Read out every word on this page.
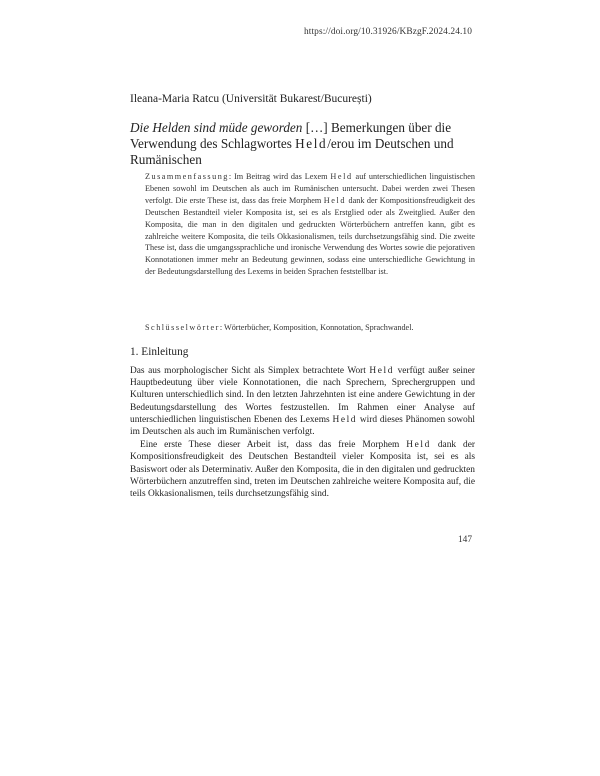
https://doi.org/10.31926/KBzgF.2024.24.10
Ileana-Maria Ratcu (Universität Bukarest/București)
Die Helden sind müde geworden […] Bemerkungen über die Verwendung des Schlagwortes Held/erou im Deutschen und Rumänischen
Zusammenfassung: Im Beitrag wird das Lexem Held auf unterschiedlichen linguistischen Ebenen sowohl im Deutschen als auch im Rumänischen untersucht. Dabei werden zwei Thesen verfolgt. Die erste These ist, dass das freie Morphem Held dank der Kompositionsfreudigkeit des Deutschen Bestandteil vieler Komposita ist, sei es als Erstglied oder als Zweitglied. Außer den Komposita, die man in den digitalen und gedruckten Wörterbüchern antreffen kann, gibt es zahlreiche weitere Komposita, die teils Okkasionalismen, teils durchsetzungsfähig sind. Die zweite These ist, dass die umgangssprachliche und ironische Verwendung des Wortes sowie die pejorativen Konnotationen immer mehr an Bedeutung gewinnen, sodass eine unterschiedliche Gewichtung in der Bedeutungsdarstellung des Lexems in beiden Sprachen feststellbar ist.
Schlüsselwörter: Wörterbücher, Komposition, Konnotation, Sprachwandel.
1. Einleitung

Das aus morphologischer Sicht als Simplex betrachtete Wort Held verfügt außer seiner Hauptbedeutung über viele Konnotationen, die nach Sprechern, Sprechergruppen und Kulturen unterschiedlich sind. In den letzten Jahrzehnten ist eine andere Gewichtung in der Bedeutungsdarstellung des Wortes festzustellen. Im Rahmen einer Analyse auf unterschiedlichen linguistischen Ebenen des Lexems Held wird dieses Phänomen sowohl im Deutschen als auch im Rumänischen verfolgt.

Eine erste These dieser Arbeit ist, dass das freie Morphem Held dank der Kompositionsfreudigkeit des Deutschen Bestandteil vieler Komposita ist, sei es als Basiswort oder als Determinativ. Außer den Komposita, die in den digitalen und gedruckten Wörterbüchern anzutreffen sind, treten im Deutschen zahlreiche weitere Komposita auf, die teils Okkasionalismen, teils durchsetzungsfähig sind.

147
